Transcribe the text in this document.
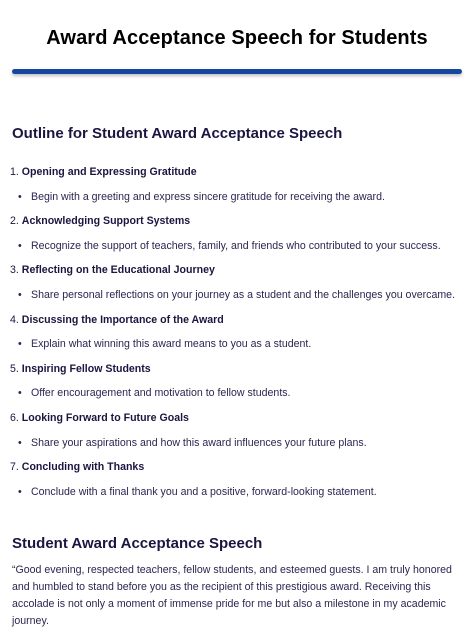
Award Acceptance Speech for Students
Outline for Student Award Acceptance Speech
1. Opening and Expressing Gratitude
• Begin with a greeting and express sincere gratitude for receiving the award.
2. Acknowledging Support Systems
• Recognize the support of teachers, family, and friends who contributed to your success.
3. Reflecting on the Educational Journey
• Share personal reflections on your journey as a student and the challenges you overcame.
4. Discussing the Importance of the Award
• Explain what winning this award means to you as a student.
5. Inspiring Fellow Students
• Offer encouragement and motivation to fellow students.
6. Looking Forward to Future Goals
• Share your aspirations and how this award influences your future plans.
7. Concluding with Thanks
• Conclude with a final thank you and a positive, forward-looking statement.
Student Award Acceptance Speech
“Good evening, respected teachers, fellow students, and esteemed guests. I am truly honored and humbled to stand before you as the recipient of this prestigious award. Receiving this accolade is not only a moment of immense pride for me but also a milestone in my academic journey.
